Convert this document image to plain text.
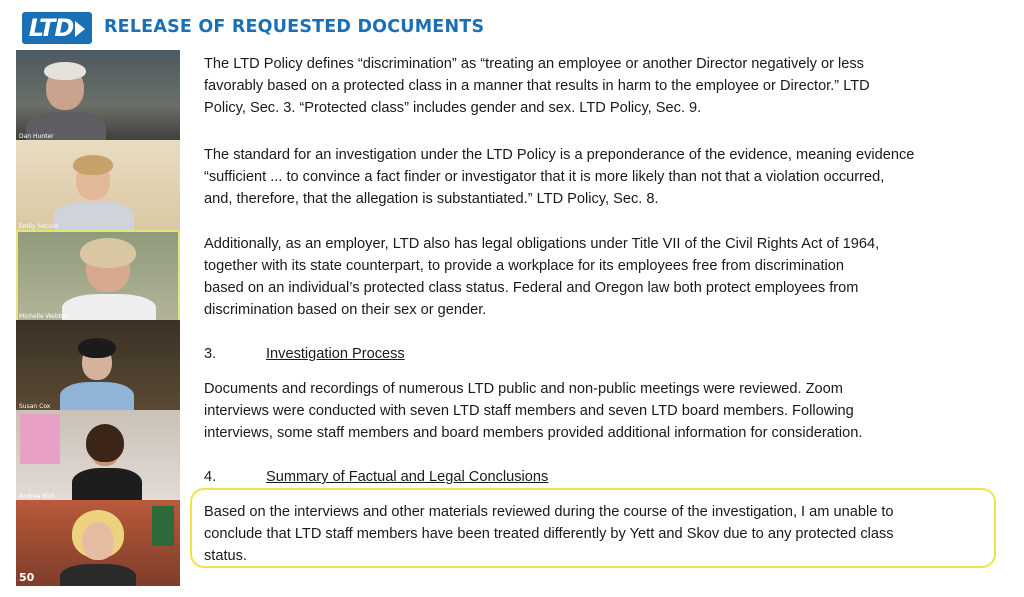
LTD	RELEASE OF REQUESTED DOCUMENTS
Dan Hunter
Emily Secord
Michelle Webber
Susan Cox
Andrea Eich
50
The LTD Policy defines “discrimination” as “treating an employee or another Director negatively or less
favorably based on a protected class in a manner that results in harm to the employee or Director.” LTD
Policy, Sec. 3. “Protected class” includes gender and sex. LTD Policy, Sec. 9.
The standard for an investigation under the LTD Policy is a preponderance of the evidence, meaning evidence
“sufficient ... to convince a fact finder or investigator that it is more likely than not that a violation occurred,
and, therefore, that the allegation is substantiated.” LTD Policy, Sec. 8.
Additionally, as an employer, LTD also has legal obligations under Title VII of the Civil Rights Act of 1964,
together with its state counterpart, to provide a workplace for its employees free from discrimination
based on an individual’s protected class status. Federal and Oregon law both protect employees from
discrimination based on their sex or gender.
3.	Investigation Process
Documents and recordings of numerous LTD public and non-public meetings were reviewed. Zoom
interviews were conducted with seven LTD staff members and seven LTD board members. Following
interviews, some staff members and board members provided additional information for consideration.
4.	Summary of Factual and Legal Conclusions
Based on the interviews and other materials reviewed during the course of the investigation, I am unable to
conclude that LTD staff members have been treated differently by Yett and Skov due to any protected class
status.
